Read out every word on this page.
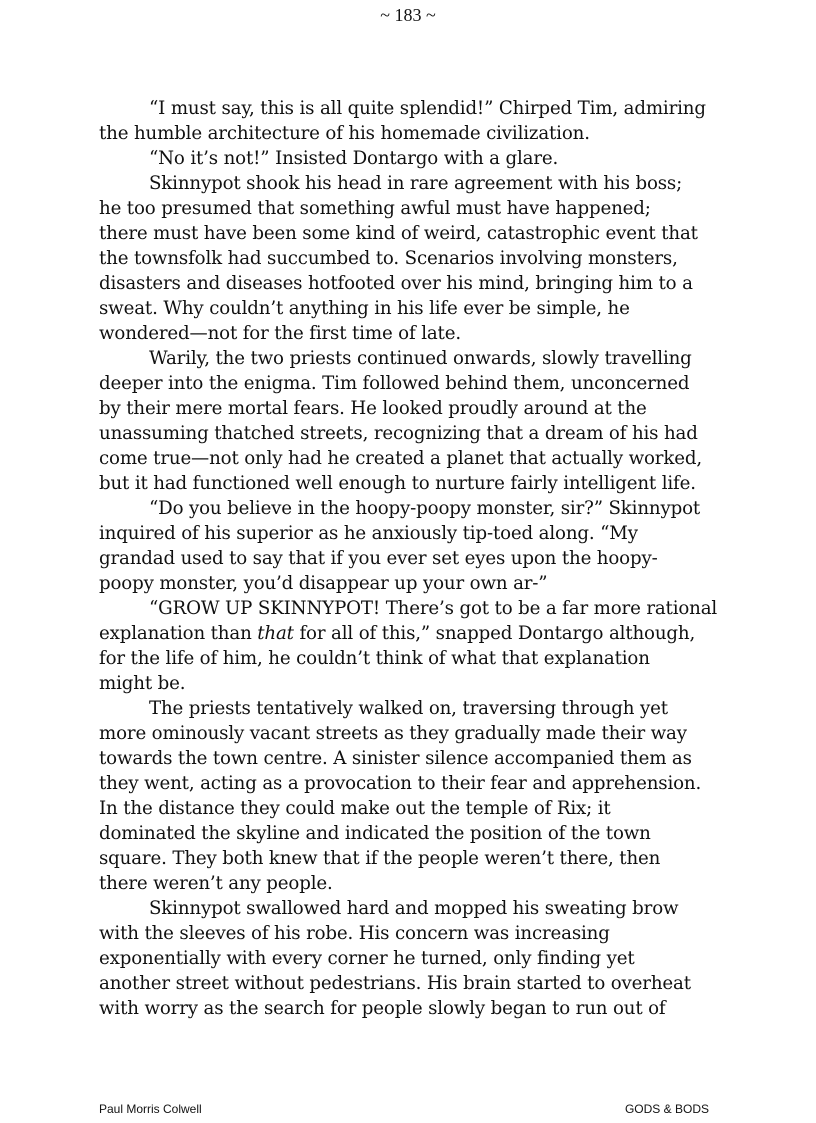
~ 183 ~
“I must say, this is all quite splendid!” Chirped Tim, admiring
the humble architecture of his homemade civilization.
“No it’s not!” Insisted Dontargo with a glare.
Skinnypot shook his head in rare agreement with his boss;
he too presumed that something awful must have happened;
there must have been some kind of weird, catastrophic event that
the townsfolk had succumbed to. Scenarios involving monsters,
disasters and diseases hotfooted over his mind, bringing him to a
sweat. Why couldn’t anything in his life ever be simple, he
wondered—not for the first time of late.
Warily, the two priests continued onwards, slowly travelling
deeper into the enigma. Tim followed behind them, unconcerned
by their mere mortal fears. He looked proudly around at the
unassuming thatched streets, recognizing that a dream of his had
come true—not only had he created a planet that actually worked,
but it had functioned well enough to nurture fairly intelligent life.
“Do you believe in the hoopy-poopy monster, sir?” Skinnypot
inquired of his superior as he anxiously tip-toed along. “My
grandad used to say that if you ever set eyes upon the hoopy-
poopy monster, you’d disappear up your own ar-”
“GROW UP SKINNYPOT! There’s got to be a far more rational
explanation than that for all of this,” snapped Dontargo although,
for the life of him, he couldn’t think of what that explanation
might be.
The priests tentatively walked on, traversing through yet
more ominously vacant streets as they gradually made their way
towards the town centre. A sinister silence accompanied them as
they went, acting as a provocation to their fear and apprehension.
In the distance they could make out the temple of Rix; it
dominated the skyline and indicated the position of the town
square. They both knew that if the people weren’t there, then
there weren’t any people.
Skinnypot swallowed hard and mopped his sweating brow
with the sleeves of his robe. His concern was increasing
exponentially with every corner he turned, only finding yet
another street without pedestrians. His brain started to overheat
with worry as the search for people slowly began to run out of
Paul Morris Colwell	GODS & BODS
